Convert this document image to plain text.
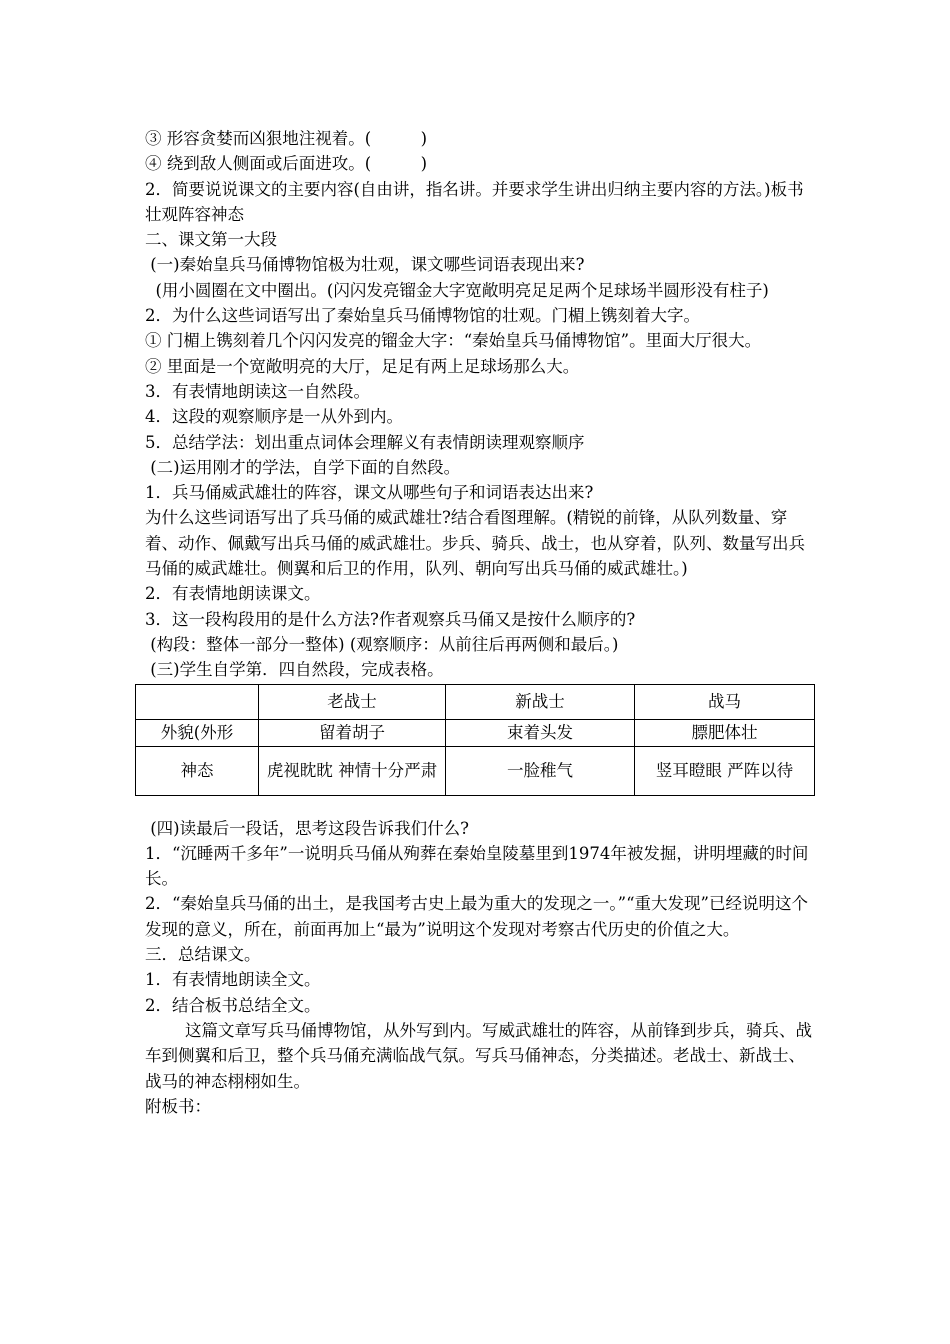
③ 形容贪婪而凶狠地注视着。(　　　)
④ 绕到敌人侧面或后面进攻。(　　　)
2．简要说说课文的主要内容(自由讲，指名讲。并要求学生讲出归纳主要内容的方法。)板书壮观阵容神态
二、课文第一大段
(一)秦始皇兵马俑博物馆极为壮观，课文哪些词语表现出来?
(用小圆圈在文中圈出。(闪闪发亮镏金大字宽敞明亮足足两个足球场半圆形没有柱子)
2．为什么这些词语写出了秦始皇兵马俑博物馆的壮观。门楣上镌刻着大字。
① 门楣上镌刻着几个闪闪发亮的镏金大字：“秦始皇兵马俑博物馆”。里面大厅很大。
② 里面是一个宽敞明亮的大厅，足足有两上足球场那么大。
3．有表情地朗读这一自然段。
4．这段的观察顺序是一从外到内。
5．总结学法：划出重点词体会理解义有表情朗读理观察顺序
(二)运用刚才的学法，自学下面的自然段。
1．兵马俑威武雄壮的阵容，课文从哪些句子和词语表达出来?
为什么这些词语写出了兵马俑的威武雄壮?结合看图理解。(精锐的前锋，从队列数量、穿着、动作、佩戴写出兵马俑的威武雄壮。步兵、骑兵、战士，也从穿着，队列、数量写出兵马俑的威武雄壮。侧翼和后卫的作用，队列、朝向写出兵马俑的威武雄壮。)
2．有表情地朗读课文。
3．这一段构段用的是什么方法?作者观察兵马俑又是按什么顺序的?
(构段：整体一部分一整体) (观察顺序：从前往后再两侧和最后。)
(三)学生自学第．四自然段，完成表格。
	老战士	新战士	战马
外貌(外形	留着胡子	束着头发	膘肥体壮
神态	虎视眈眈 神情十分严肃	一脸稚气	竖耳瞪眼 严阵以待
(四)读最后一段话，思考这段告诉我们什么?
1．“沉睡两千多年”一说明兵马俑从殉葬在秦始皇陵墓里到1974年被发掘，讲明埋藏的时间长。
2．“秦始皇兵马俑的出土，是我国考古史上最为重大的发现之一。”“重大发现”已经说明这个发现的意义，所在，前面再加上“最为”说明这个发现对考察古代历史的价值之大。
三．总结课文。
1．有表情地朗读全文。
2．结合板书总结全文。
这篇文章写兵马俑博物馆，从外写到内。写威武雄壮的阵容，从前锋到步兵，骑兵、战车到侧翼和后卫，整个兵马俑充满临战气氛。写兵马俑神态，分类描述。老战士、新战士、战马的神态栩栩如生。
附板书：
